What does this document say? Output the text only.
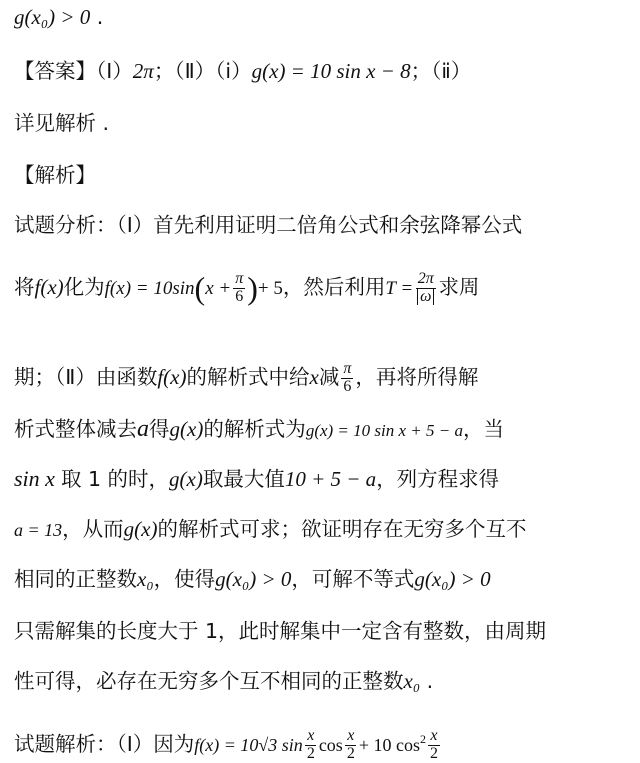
g(x₀) > 0 .
【答案】（Ⅰ）2π；（Ⅱ）（ⅰ）g(x) = 10 sin x − 8；（ⅱ）
详见解析 .
【解析】
试题分析：（Ⅰ）首先利用证明二倍角公式和余弦降幂公式
将f(x)化为$f(x) = 10\sin(x + \frac{\pi}{6}$ )+ 5，然后利用$T = \frac{2\pi}{\omega}$ 求周
期；（Ⅱ）由函数f(x)的解析式中给x减 $\frac{\pi}{6}$ ，再将所得解
析式整体减去a得g(x)的解析式为g(x) = 10 sin x + 5 − a，当
sin x 取 1 的时，g(x)取最大值10 + 5 − a，列方程求得
a = 13，从而g(x)的解析式可求；欲证明存在无穷多个互不
相同的正整数x₀，使得g(x₀) > 0，可解不等式g(x₀) > 0
只需解集的长度大于 1，此时解集中一定含有整数，由周期
性可得，必存在无穷多个互不相同的正整数x₀ .
试题解析：（Ⅰ）因为f(x) = 10√3 $\sin \frac{x}{2}$ $\cos \frac{x}{2} + 10$ $\cos^2 \frac{x}{2}$
